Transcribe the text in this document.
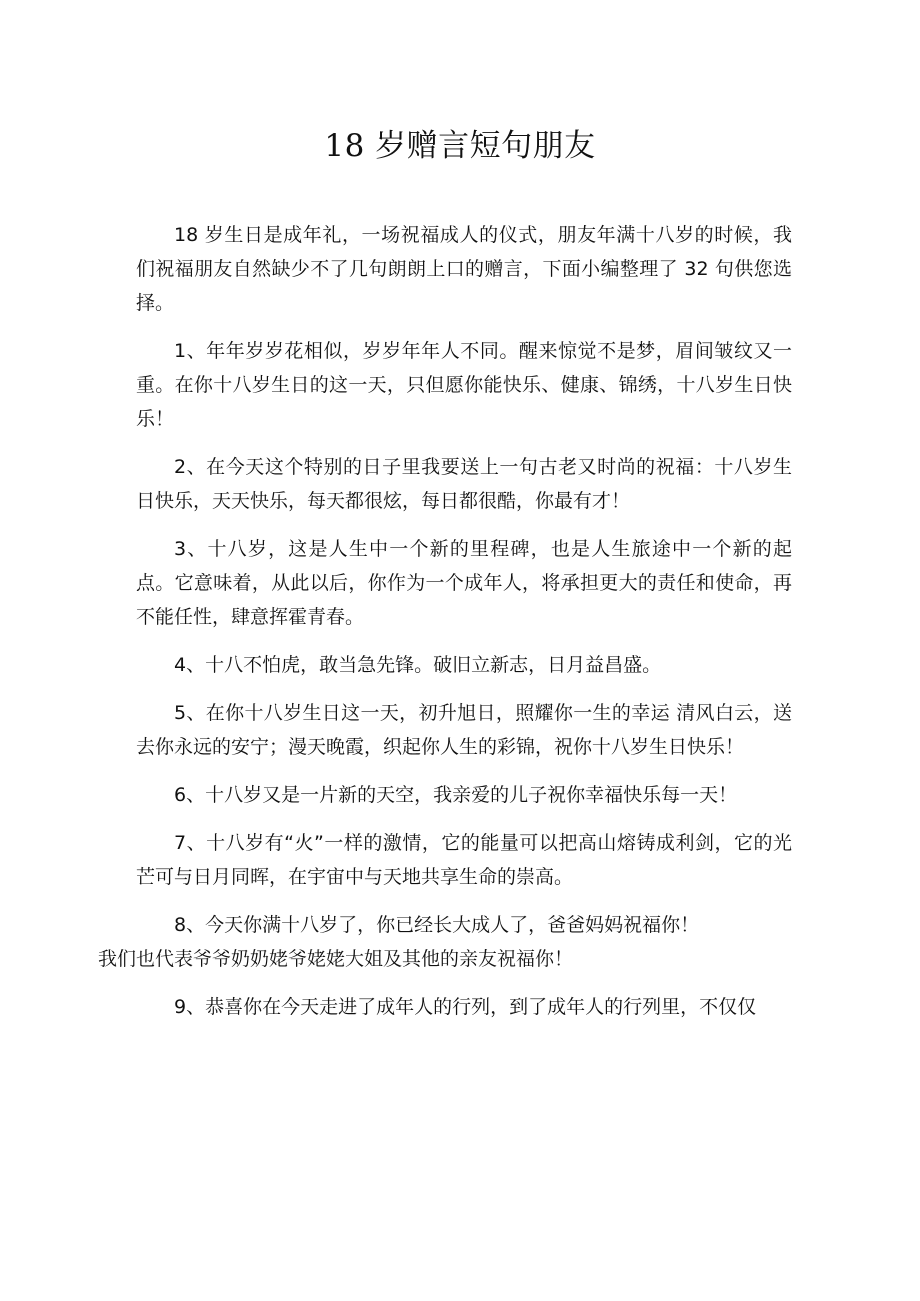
18 岁赠言短句朋友

18 岁生日是成年礼，一场祝福成人的仪式，朋友年满十八岁的时候，我们祝福朋友自然缺少不了几句朗朗上口的赠言，下面小编整理了 32 句供您选择。

1、年年岁岁花相似，岁岁年年人不同。醒来惊觉不是梦，眉间皱纹又一重。在你十八岁生日的这一天，只但愿你能快乐、健康、锦绣，十八岁生日快乐！

2、在今天这个特别的日子里我要送上一句古老又时尚的祝福：十八岁生日快乐，天天快乐，每天都很炫，每日都很酷，你最有才！

3、十八岁，这是人生中一个新的里程碑，也是人生旅途中一个新的起点。它意味着，从此以后，你作为一个成年人，将承担更大的责任和使命，再不能任性，肆意挥霍青春。

4、十八不怕虎，敢当急先锋。破旧立新志，日月益昌盛。

5、在你十八岁生日这一天，初升旭日，照耀你一生的幸运 清风白云，送去你永远的安宁；漫天晚霞，织起你人生的彩锦，祝你十八岁生日快乐！

6、十八岁又是一片新的天空，我亲爱的儿子祝你幸福快乐每一天！

7、十八岁有“火”一样的激情，它的能量可以把高山熔铸成利剑，它的光芒可与日月同晖，在宇宙中与天地共享生命的崇高。

8、今天你满十八岁了，你已经长大成人了，爸爸妈妈祝福你！
我们也代表爷爷奶奶姥爷姥姥大姐及其他的亲友祝福你！

9、恭喜你在今天走进了成年人的行列，到了成年人的行列里，不仅仅
